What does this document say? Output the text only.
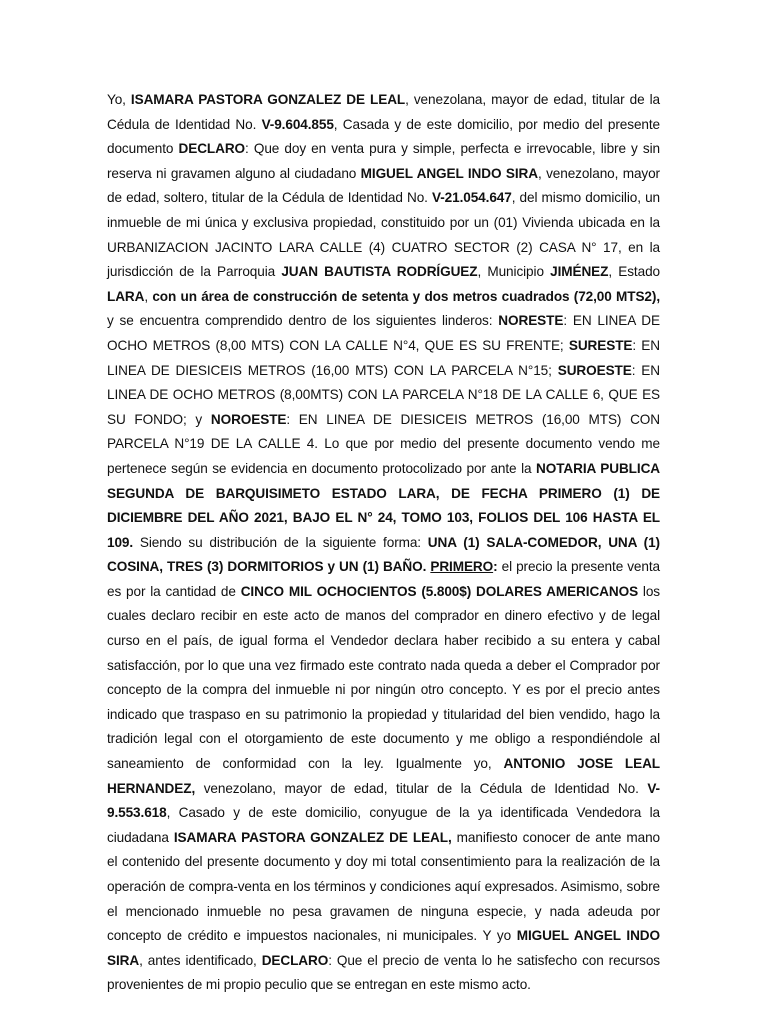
Yo, ISAMARA PASTORA GONZALEZ DE LEAL, venezolana, mayor de edad, titular de la Cédula de Identidad No. V-9.604.855, Casada y de este domicilio, por medio del presente documento DECLARO: Que doy en venta pura y simple, perfecta e irrevocable, libre y sin reserva ni gravamen alguno al ciudadano MIGUEL ANGEL INDO SIRA, venezolano, mayor de edad, soltero, titular de la Cédula de Identidad No. V-21.054.647, del mismo domicilio, un inmueble de mi única y exclusiva propiedad, constituido por un (01) Vivienda ubicada en la URBANIZACION JACINTO LARA CALLE (4) CUATRO SECTOR (2) CASA N° 17, en la jurisdicción de la Parroquia JUAN BAUTISTA RODRÍGUEZ, Municipio JIMÉNEZ, Estado LARA, con un área de construcción de setenta y dos metros cuadrados (72,00 MTS2), y se encuentra comprendido dentro de los siguientes linderos: NORESTE: EN LINEA DE OCHO METROS (8,00 MTS) CON LA CALLE N°4, QUE ES SU FRENTE; SURESTE: EN LINEA DE DIESICEIS METROS (16,00 MTS) CON LA PARCELA N°15; SUROESTE: EN LINEA DE OCHO METROS (8,00MTS) CON LA PARCELA N°18 DE LA CALLE 6, QUE ES SU FONDO; y NOROESTE: EN LINEA DE DIESICEIS METROS (16,00 MTS) CON PARCELA N°19 DE LA CALLE 4. Lo que por medio del presente documento vendo me pertenece según se evidencia en documento protocolizado por ante la NOTARIA PUBLICA SEGUNDA DE BARQUISIMETO ESTADO LARA, DE FECHA PRIMERO (1) DE DICIEMBRE DEL AÑO 2021, BAJO EL N° 24, TOMO 103, FOLIOS DEL 106 HASTA EL 109. Siendo su distribución de la siguiente forma: UNA (1) SALA-COMEDOR, UNA (1) COSINA, TRES (3) DORMITORIOS y UN (1) BAÑO. PRIMERO: el precio la presente venta es por la cantidad de CINCO MIL OCHOCIENTOS (5.800$) DOLARES AMERICANOS los cuales declaro recibir en este acto de manos del comprador en dinero efectivo y de legal curso en el país, de igual forma el Vendedor declara haber recibido a su entera y cabal satisfacción, por lo que una vez firmado este contrato nada queda a deber el Comprador por concepto de la compra del inmueble ni por ningún otro concepto. Y es por el precio antes indicado que traspaso en su patrimonio la propiedad y titularidad del bien vendido, hago la tradición legal con el otorgamiento de este documento y me obligo a respondiéndole al saneamiento de conformidad con la ley. Igualmente yo, ANTONIO JOSE LEAL HERNANDEZ, venezolano, mayor de edad, titular de la Cédula de Identidad No. V-9.553.618, Casado y de este domicilio, conyugue de la ya identificada Vendedora la ciudadana ISAMARA PASTORA GONZALEZ DE LEAL, manifiesto conocer de ante mano el contenido del presente documento y doy mi total consentimiento para la realización de la operación de compra-venta en los términos y condiciones aquí expresados. Asimismo, sobre el mencionado inmueble no pesa gravamen de ninguna especie, y nada adeuda por concepto de crédito e impuestos nacionales, ni municipales. Y yo MIGUEL ANGEL INDO SIRA, antes identificado, DECLARO: Que el precio de venta lo he satisfecho con recursos provenientes de mi propio peculio que se entregan en este mismo acto.
